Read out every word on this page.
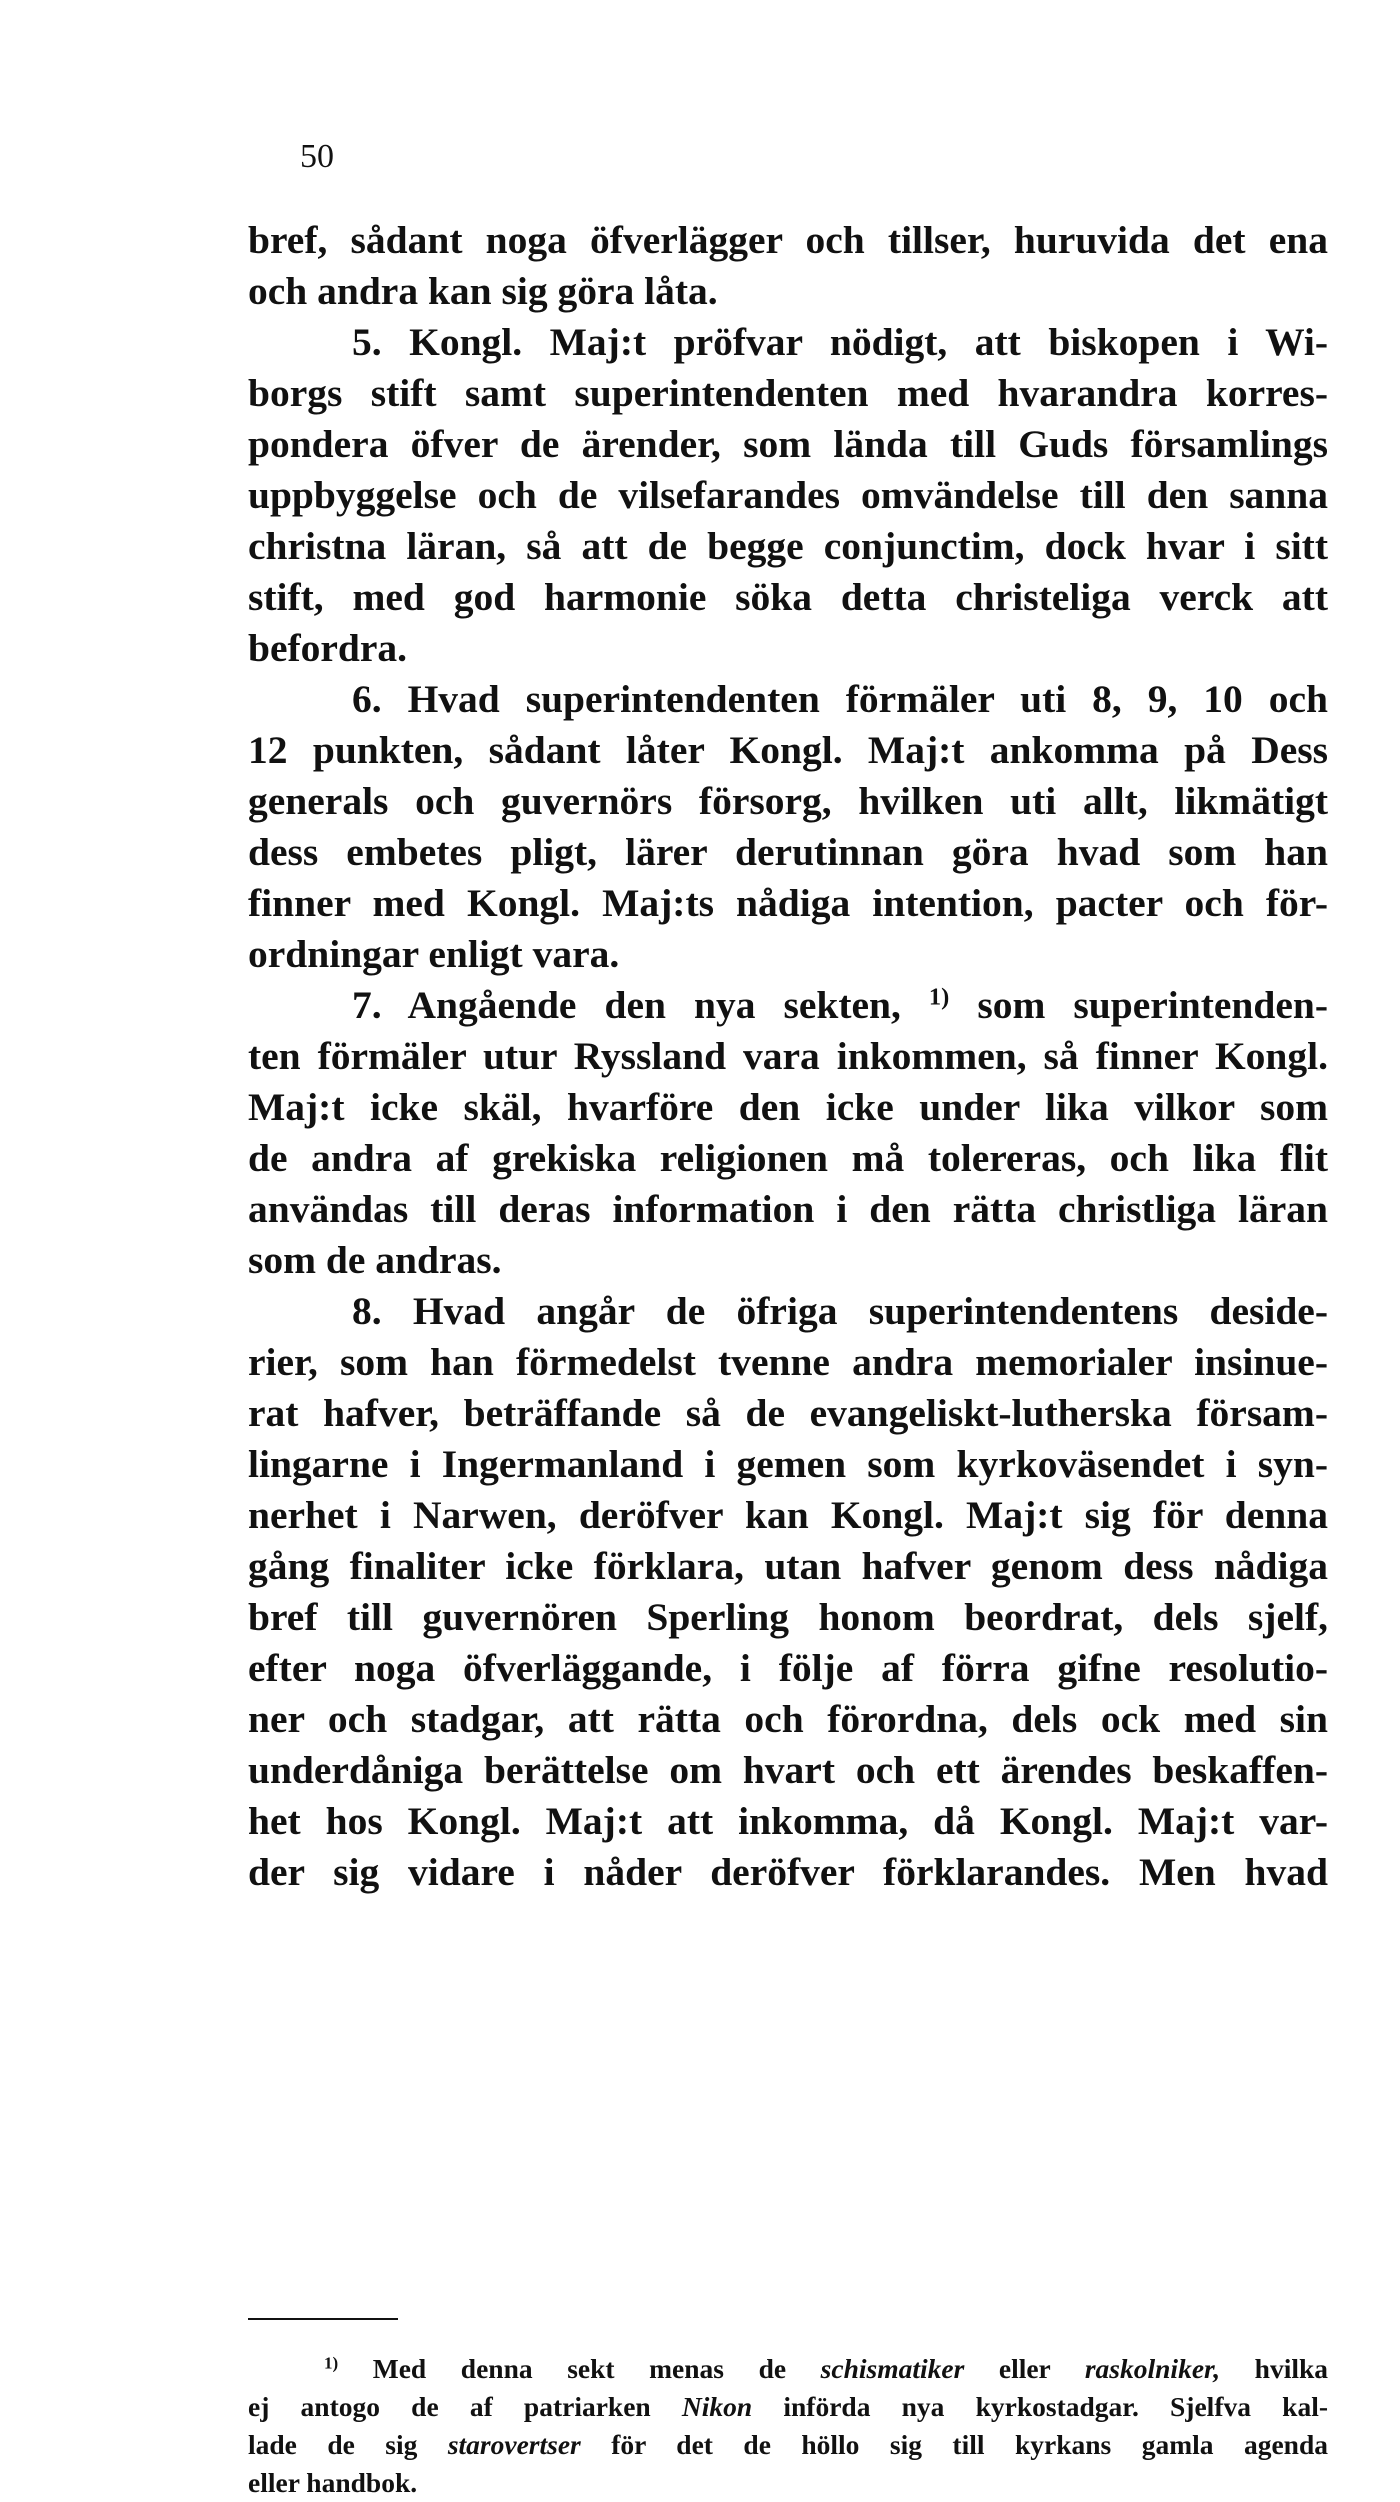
50
bref, sådant noga öfverlägger och tillser, huruvida det ena
och andra kan sig göra låta.
5. Kongl. Maj:t pröfvar nödigt, att biskopen i Wi-
borgs stift samt superintendenten med hvarandra korres-
pondera öfver de ärender, som lända till Guds församlings
uppbyggelse och de vilsefarandes omvändelse till den sanna
christna läran, så att de begge conjunctim, dock hvar i sitt
stift, med god harmonie söka detta christeliga verck att
befordra.
6. Hvad superintendenten förmäler uti 8, 9, 10 och
12 punkten, sådant låter Kongl. Maj:t ankomma på Dess
generals och guvernörs försorg, hvilken uti allt, likmätigt
dess embetes pligt, lärer derutinnan göra hvad som han
finner med Kongl. Maj:ts nådiga intention, pacter och för-
ordningar enligt vara.
7. Angående den nya sekten, $^{1)}$ som superintenden-
ten förmäler utur Ryssland vara inkommen, så finner Kongl.
Maj:t icke skäl, hvarföre den icke under lika vilkor som
de andra af grekiska religionen må tolereras, och lika flit
användas till deras information i den rätta christliga läran
som de andras.
8. Hvad angår de öfriga superintendentens deside-
rier, som han förmedelst tvenne andra memorialer insinue-
rat hafver, beträffande så de evangeliskt-lutherska försam-
lingarne i Ingermanland i gemen som kyrkoväsendet i syn-
nerhet i Narwen, deröfver kan Kongl. Maj:t sig för denna
gång finaliter icke förklara, utan hafver genom dess nådiga
bref till guvernören Sperling honom beordrat, dels sjelf,
efter noga öfverläggande, i följe af förra gifne resolutio-
ner och stadgar, att rätta och förordna, dels ock med sin
underdåniga berättelse om hvart och ett ärendes beskaffen-
het hos Kongl. Maj:t att inkomma, då Kongl. Maj:t var-
der sig vidare i nåder deröfver förklarandes. Men hvad
$^{1)}$ Med denna sekt menas de schismatiker eller raskolniker, hvilka
ej antogo de af patriarken Nikon införda nya kyrkostadgar. Sjelfva kal-
lade de sig starovertser för det de höllo sig till kyrkans gamla agenda
eller handbok.
